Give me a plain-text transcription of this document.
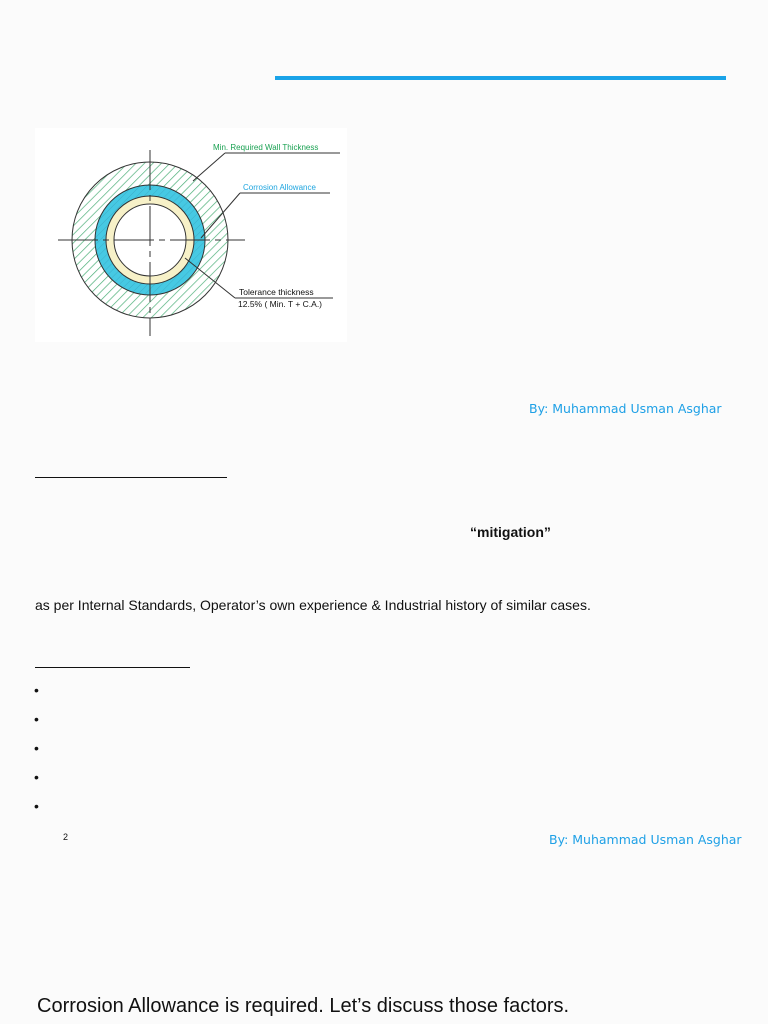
Min. Required Wall Thickness
Corrosion Allowance
Tolerance thickness
12.5% ( Min. T + C.A.)
By: Muhammad Usman Asghar
“mitigation”
as per Internal Standards, Operator’s own experience & Industrial history of similar cases.
•
•
•
•
•
2	By: Muhammad Usman Asghar
Corrosion Allowance is required. Let’s discuss those factors.
